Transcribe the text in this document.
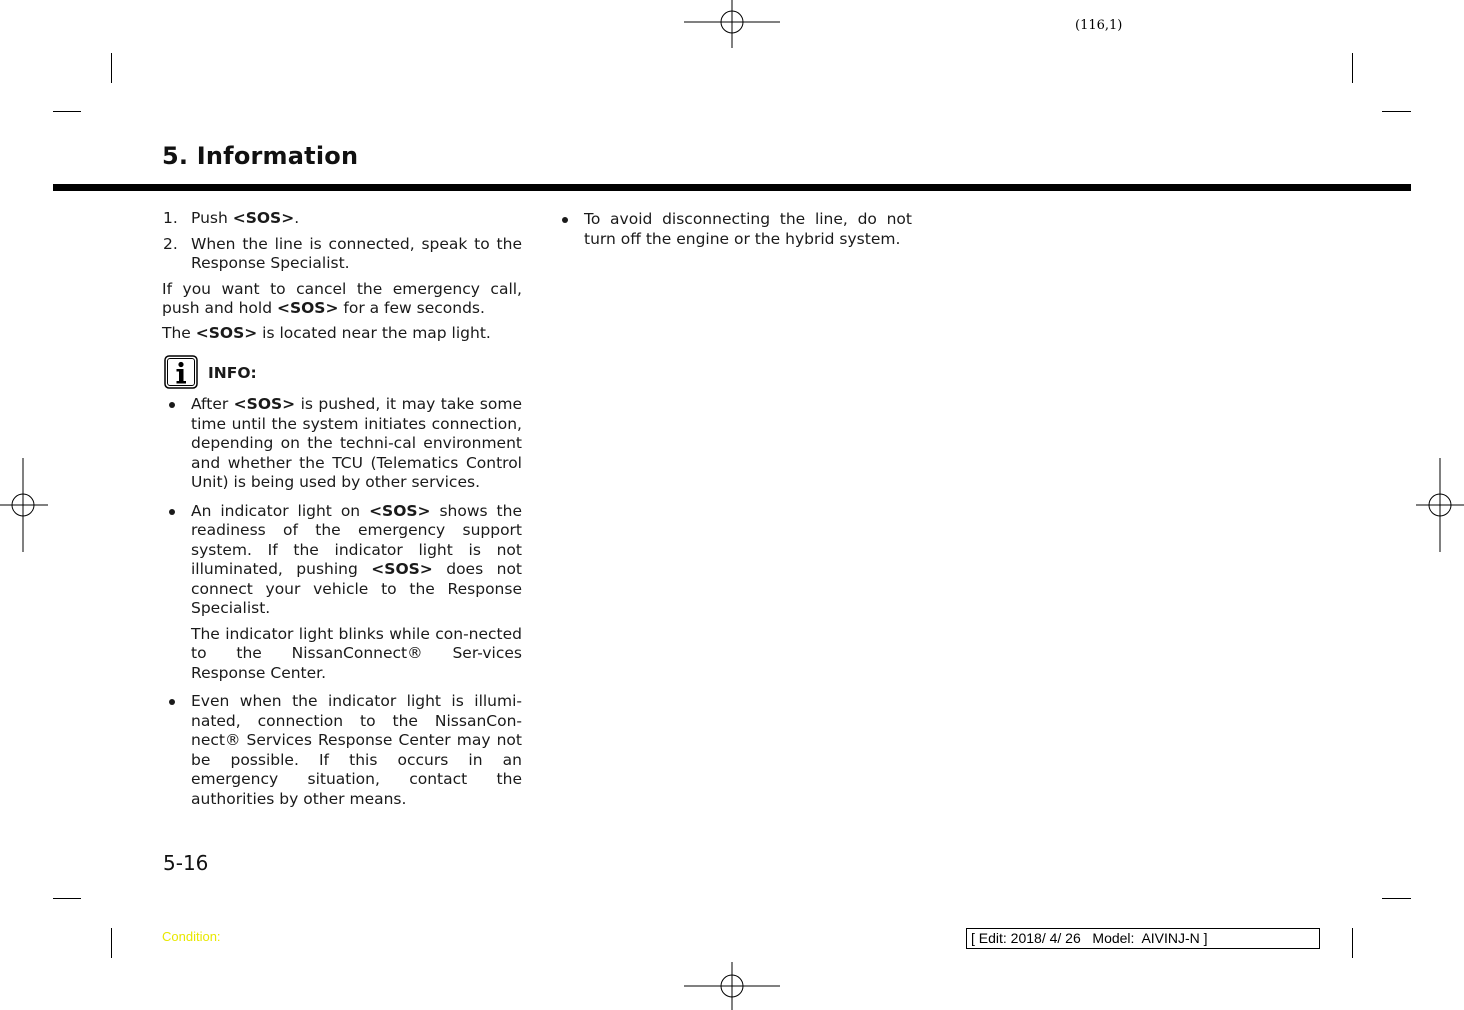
(116,1)
5. Information
1. Push <SOS>.
2. When the line is connected, speak to the Response Specialist.

If you want to cancel the emergency call, push and hold <SOS> for a few seconds.

The <SOS> is located near the map light.

INFO:
After <SOS> is pushed, it may take some time until the system initiates connection, depending on the techni-cal environment and whether the TCU (Telematics Control Unit) is being used by other services.
An indicator light on <SOS> shows the readiness of the emergency support system. If the indicator light is not illuminated, pushing <SOS> does not connect your vehicle to the Response Specialist.
The indicator light blinks while con-nected to the NissanConnect® Ser-vices Response Center.
Even when the indicator light is illumi-nated, connection to the NissanCon-nect® Services Response Center may not be possible. If this occurs in an emergency situation, contact the authorities by other means.
To avoid disconnecting the line, do not turn off the engine or the hybrid system.
5-16
Condition:	[ Edit: 2018/ 4/ 26   Model:  AIVINJ-N ]
